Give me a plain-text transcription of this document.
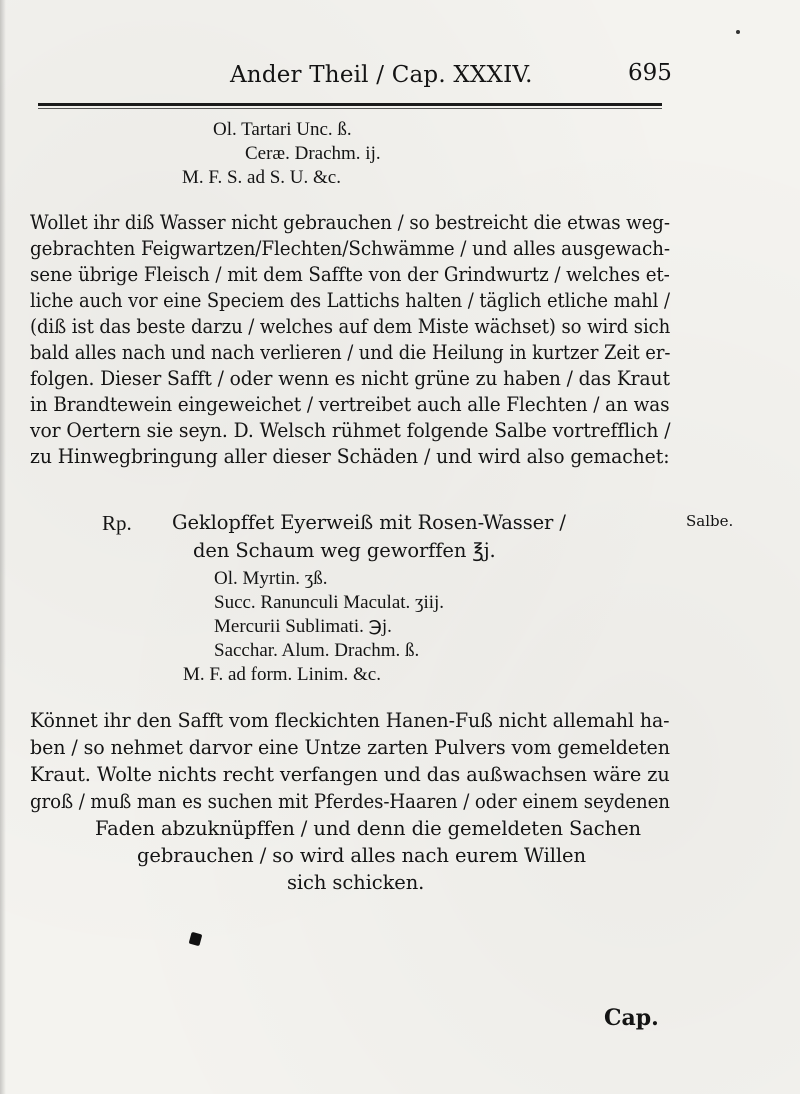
Ander Theil / Cap. XXXIV.	695
Ol. Tartari Unc. ß.
Ceræ. Drachm. ij.
M. F. S. ad S. U. &c.
Wollet ihr diß Wasser nicht gebrauchen / so bestreicht die etwas weg-
gebrachten Feigwartzen/Flechten/Schwämme / und alles ausgewach-
sene übrige Fleisch / mit dem Saffte von der Grindwurtz / welches et-
liche auch vor eine Speciem des Lattichs halten / täglich etliche mahl /
(diß ist das beste darzu / welches auf dem Miste wächset) so wird sich
bald alles nach und nach verlieren / und die Heilung in kurtzer Zeit er-
folgen. Dieser Safft / oder wenn es nicht grüne zu haben / das Kraut
in Brandtewein eingeweichet / vertreibet auch alle Flechten / an was
vor Oertern sie seyn. D. Welsch rühmet folgende Salbe vortrefflich /
zu Hinwegbringung aller dieser Schäden / und wird also gemachet:
Rp. Geklopffet Eyerweiß mit Rosen-Wasser /
den Schaum weg geworffen ℥j.
Ol. Myrtin. ʒß.
Succ. Ranunculi Maculat. ʒiij.
Mercurii Sublimati. ℈j.
Sacchar. Alum. Drachm. ß.
M. F. ad form. Linim. &c.
Salbe.
Könnet ihr den Safft vom fleckichten Hanen-Fuß nicht allemahl ha-
ben / so nehmet darvor eine Untze zarten Pulvers vom gemeldeten
Kraut. Wolte nichts recht verfangen und das außwachsen wäre zu
groß / muß man es suchen mit Pferdes-Haaren / oder einem seydenen
Faden abzuknüpffen / und denn die gemeldeten Sachen
gebrauchen / so wird alles nach eurem Willen
sich schicken.
Cap.
